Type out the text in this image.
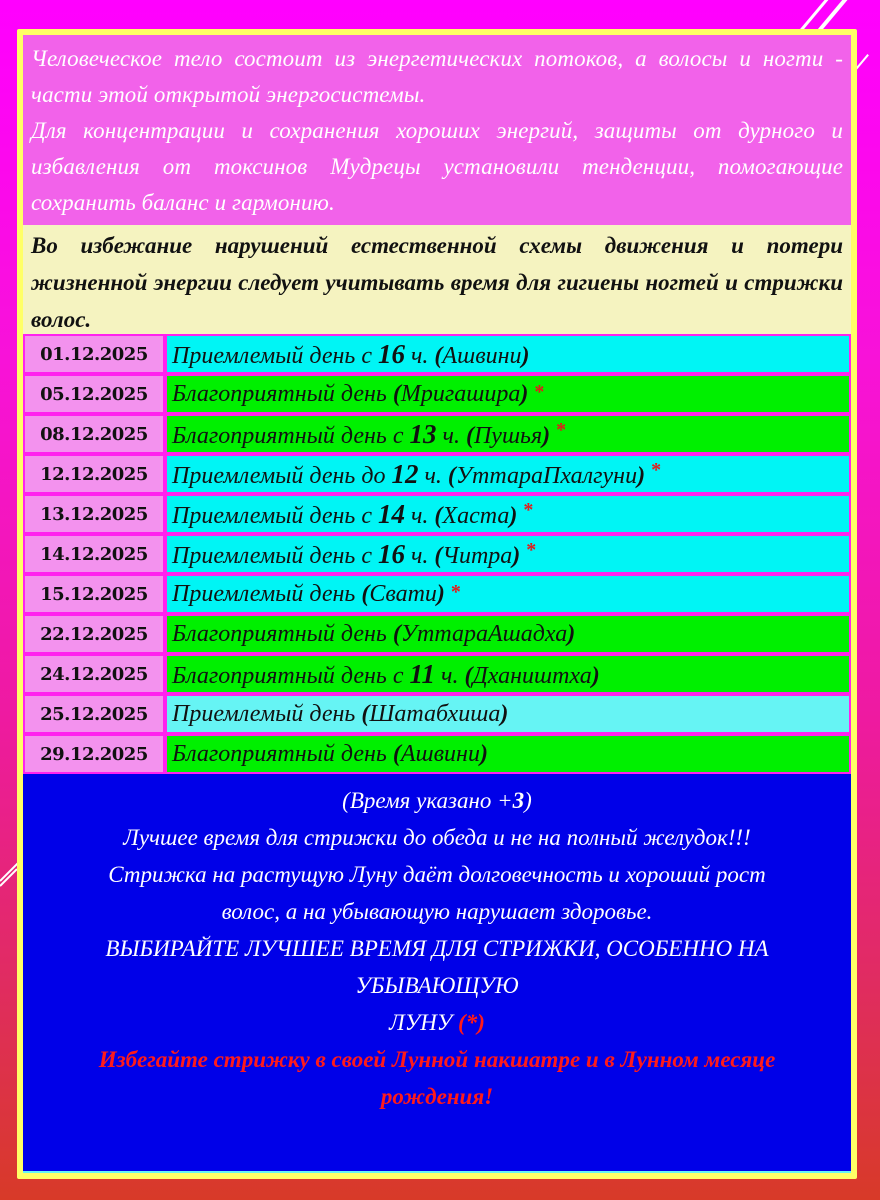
Человеческое тело состоит из энергетических потоков, а волосы и ногти - части этой открытой энергосистемы.

Для концентрации и сохранения хороших энергий, защиты от дурного и избавления от токсинов Мудрецы установили тенденции, помогающие сохранить баланс и гармонию.

Во избежание нарушений естественной схемы движения и потери жизненной энергии следует учитывать время для гигиены ногтей и стрижки волос.

01.12.2025	Приемлемый день с 16 ч. (Ашвини)
05.12.2025	Благоприятный день (Мригашира) *
08.12.2025	Благоприятный день с 13 ч. (Пушья) *
12.12.2025	Приемлемый день до 12 ч. (УттараПхалгуни) *
13.12.2025	Приемлемый день с 14 ч. (Хаста) *
14.12.2025	Приемлемый день с 16 ч. (Читра) *
15.12.2025	Приемлемый день (Свати) *
22.12.2025	Благоприятный день (УттараАшадха)
24.12.2025	Благоприятный день с 11 ч. (Дхаништха)
25.12.2025	Приемлемый день (Шатабхиша)
29.12.2025	Благоприятный день (Ашвини)

(Время указано +3)

Лучшее время для стрижки до обеда и не на полный желудок!!!

Стрижка на растущую Луну даёт долговечность и хороший рост

волос, а на убывающую нарушает здоровье.

ВЫБИРАЙТЕ ЛУЧШЕЕ ВРЕМЯ ДЛЯ СТРИЖКИ, ОСОБЕННО НА УБЫВАЮЩУЮ

ЛУНУ (*)

Избегайте стрижку в своей Лунной накшатре и в Лунном месяце

рождения!
